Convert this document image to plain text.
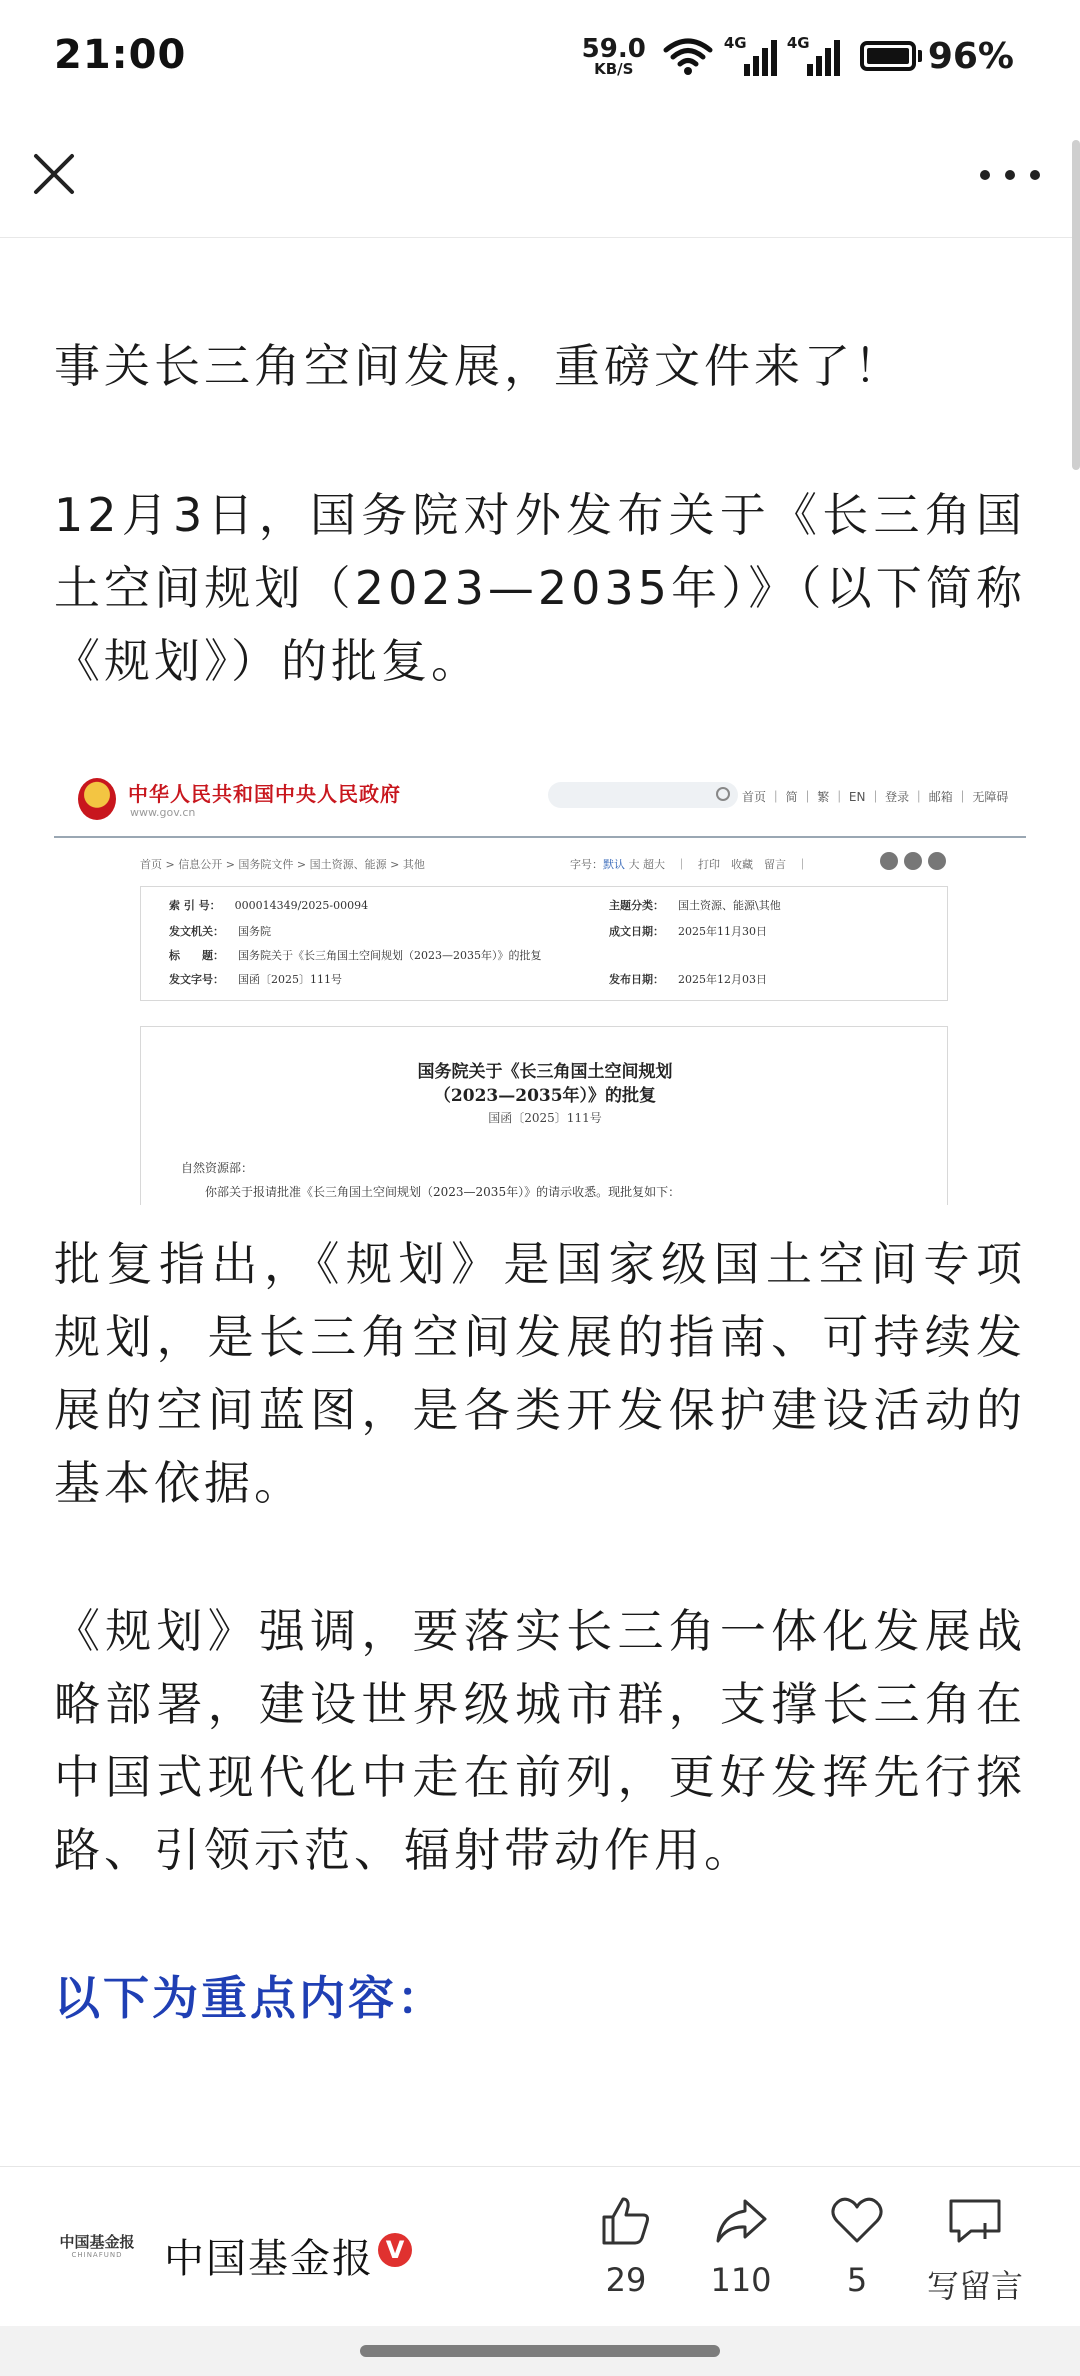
21:00	59.0
KB/S
4G	4G	96%

事关长三角空间发展，重磅文件来了！

12月3日，国务院对外发布关于《长三角国土空间规划（2023—2035年）》（以下简称《规划》）的批复。

批复指出，《规划》是国家级国土空间专项规划，是长三角空间发展的指南、可持续发展的空间蓝图，是各类开发保护建设活动的基本依据。

《规划》强调，要落实长三角一体化发展战略部署，建设世界级城市群，支撑长三角在中国式现代化中走在前列，更好发挥先行探路、引领示范、辐射带动作用。

以下为重点内容：

中华人民共和国中央人民政府
www.gov.cn
首页 ｜ 简 ｜ 繁 ｜ EN ｜ 登录 ｜ 邮箱 ｜ 无障碍
首页 > 信息公开 > 国务院文件 > 国土资源、能源 > 其他	字号：默认 大 超大　｜　打印　收藏　留言　｜
索 引 号： 000014349/2025-00094	主题分类： 国土资源、能源\其他
发文机关： 国务院	成文日期： 2025年11月30日
标　　题： 国务院关于《长三角国土空间规划（2023—2035年）》的批复
发文字号： 国函〔2025〕111号	发布日期： 2025年12月03日
国务院关于《长三角国土空间规划
（2023—2035年）》的批复
国函〔2025〕111号
自然资源部：
你部关于报请批准《长三角国土空间规划（2023—2035年）》的请示收悉。现批复如下：
中国基金报
CHINAFUND	中国基金报 V
29	110	5	写留言
